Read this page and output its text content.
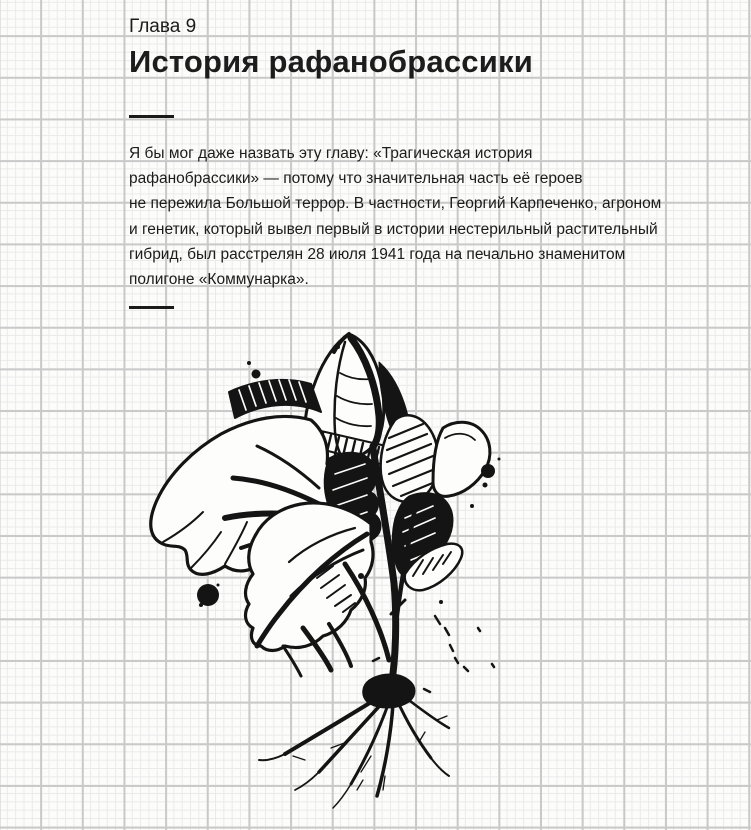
Глава 9
История рафанобрассики

Я бы мог даже назвать эту главу: «Трагическая история
рафанобрассики» — потому что значительная часть её героев
не пережила Большой террор. В частности, Георгий Карпеченко, агроном
и генетик, который вывел первый в истории нестерильный растительный
гибрид, был расстрелян 28 июля 1941 года на печально знаменитом
полигоне «Коммунарка».
